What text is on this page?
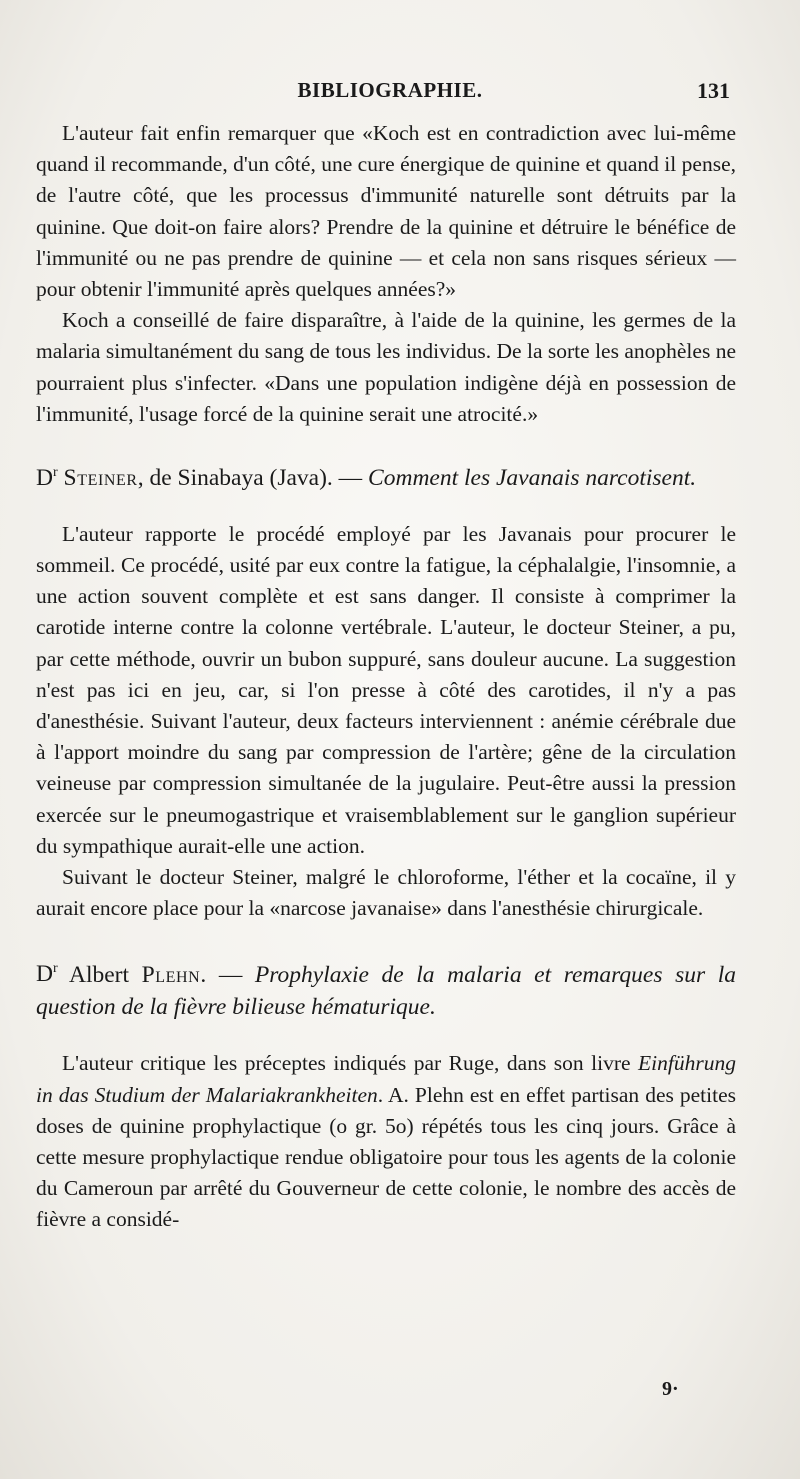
BIBLIOGRAPHIE.	131

L'auteur fait enfin remarquer que «Koch est en contradiction avec lui-même quand il recommande, d'un côté, une cure énergique de quinine et quand il pense, de l'autre côté, que les processus d'immunité naturelle sont détruits par la quinine. Que doit-on faire alors? Prendre de la quinine et détruire le bénéfice de l'immunité ou ne pas prendre de quinine — et cela non sans risques sérieux — pour obtenir l'immunité après quelques années?»

Koch a conseillé de faire disparaître, à l'aide de la quinine, les germes de la malaria simultanément du sang de tous les individus. De la sorte les anophèles ne pourraient plus s'infecter. «Dans une population indigène déjà en possession de l'immunité, l'usage forcé de la quinine serait une atrocité.»

$D^r$ Steiner, de Sinabaya (Java). — Comment les Javanais narcotisent.

L'auteur rapporte le procédé employé par les Javanais pour procurer le sommeil. Ce procédé, usité par eux contre la fatigue, la céphalalgie, l'insomnie, a une action souvent complète et est sans danger. Il consiste à comprimer la carotide interne contre la colonne vertébrale. L'auteur, le docteur Steiner, a pu, par cette méthode, ouvrir un bubon suppuré, sans douleur aucune. La suggestion n'est pas ici en jeu, car, si l'on presse à côté des carotides, il n'y a pas d'anesthésie. Suivant l'auteur, deux facteurs interviennent : anémie cérébrale due à l'apport moindre du sang par compression de l'artère; gêne de la circulation veineuse par compression simultanée de la jugulaire. Peut-être aussi la pression exercée sur le pneumogastrique et vraisemblablement sur le ganglion supérieur du sympathique aurait-elle une action.

Suivant le docteur Steiner, malgré le chloroforme, l'éther et la cocaïne, il y aurait encore place pour la «narcose javanaise» dans l'anesthésie chirurgicale.

$D^r$ Albert Plehn. — Prophylaxie de la malaria et remarques sur la question de la fièvre bilieuse hématurique.

L'auteur critique les préceptes indiqués par Ruge, dans son livre Einführung in das Studium der Malariakrankheiten. A. Plehn est en effet partisan des petites doses de quinine prophylactique (o gr. 5o) répétés tous les cinq jours. Grâce à cette mesure prophylactique rendue obligatoire pour tous les agents de la colonie du Cameroun par arrêté du Gouverneur de cette colonie, le nombre des accès de fièvre a considé-

9·
